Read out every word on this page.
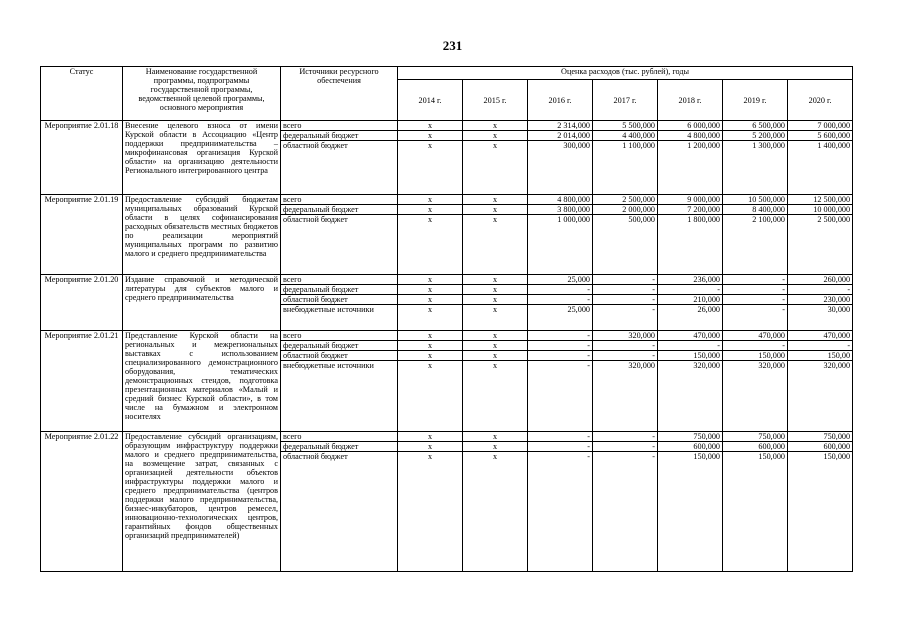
231
Статус	Наименование государственной программы, подпрограммы государственной программы, ведомственной целевой программы, основного мероприятия	Источники ресурсного обеспечения	Оценка расходов (тыс. рублей), годы						
			2014 г.	2015 г.	2016 г.	2017 г.	2018 г.	2019 г.	2020 г.
Мероприятие 2.01.18	Внесение целевого взноса от имени Курской области в Ассоциацию «Центр поддержки предпринимательства – микрофинансовая организация Курской области» на организацию деятельности Регионального интегрированного центра	всего	x	x	2 314,000	5 500,000	6 000,000	6 500,000	7 000,000
		федеральный бюджет	x	x	2 014,000	4 400,000	4 800,000	5 200,000	5 600,000
		областной бюджет	x	x	300,000	1 100,000	1 200,000	1 300,000	1 400,000
Мероприятие 2.01.19	Предоставление субсидий бюджетам муниципальных образований Курской области в целях софинансирования расходных обязательств местных бюджетов по реализации мероприятий муниципальных программ по развитию малого и среднего предпринимательства	всего	x	x	4 800,000	2 500,000	9 000,000	10 500,000	12 500,000
		федеральный бюджет	x	x	3 800,000	2 000,000	7 200,000	8 400,000	10 000,000
		областной бюджет	x	x	1 000,000	500,000	1 800,000	2 100,000	2 500,000
Мероприятие 2.01.20	Издание справочной и методической литературы для субъектов малого и среднего предпринимательства	всего	x	x	25,000	-	236,000	-	260,000
		федеральный бюджет	x	x	-	-	-	-	-
		областной бюджет	x	x	-	-	210,000	-	230,000
		внебюджетные источники	x	x	25,000	-	26,000	-	30,000
Мероприятие 2.01.21	Представление Курской области на региональных и межрегиональных выставках с использованием специализированного демонстрационного оборудования, тематических демонстрационных стендов, подготовка презентационных материалов «Малый и средний бизнес Курской области», в том числе на бумажном и электронном носителях	всего	x	x	-	320,000	470,000	470,000	470,000
		федеральный бюджет	x	x	-	-	-	-	-
		областной бюджет	x	x	-	-	150,000	150,000	150,00
		внебюджетные источники	x	x	-	320,000	320,000	320,000	320,000
Мероприятие 2.01.22	Предоставление субсидий организациям, образующим инфраструктуру поддержки малого и среднего предпринимательства, на возмещение затрат, связанных с организацией деятельности объектов инфраструктуры поддержки малого и среднего предпринимательства (центров поддержки малого предпринимательства, бизнес-инкубаторов, центров ремесел, инновационно-технологических центров, гарантийных фондов общественных организаций предпринимателей)	всего	x	x	-	-	750,000	750,000	750,000
		федеральный бюджет	x	x	-	-	600,000	600,000	600,000
		областной бюджет	x	x	-	-	150,000	150,000	150,000
